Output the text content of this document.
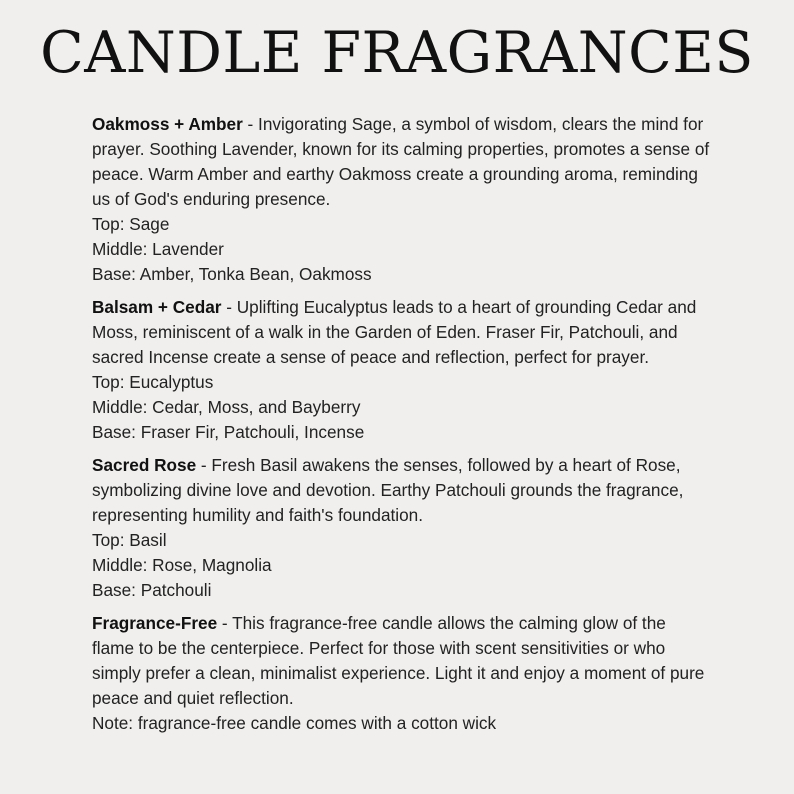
CANDLE FRAGRANCES

Oakmoss + Amber - Invigorating Sage, a symbol of wisdom, clears the mind for prayer. Soothing Lavender, known for its calming properties, promotes a sense of peace. Warm Amber and earthy Oakmoss create a grounding aroma, reminding us of God's enduring presence.

Top: Sage

Middle: Lavender

Base: Amber, Tonka Bean, Oakmoss

Balsam + Cedar - Uplifting Eucalyptus leads to a heart of grounding Cedar and Moss, reminiscent of a walk in the Garden of Eden. Fraser Fir, Patchouli, and sacred Incense create a sense of peace and reflection, perfect for prayer.

Top: Eucalyptus

Middle: Cedar, Moss, and Bayberry

Base: Fraser Fir, Patchouli, Incense

Sacred Rose - Fresh Basil awakens the senses, followed by a heart of Rose, symbolizing divine love and devotion. Earthy Patchouli grounds the fragrance, representing humility and faith's foundation.

Top: Basil

Middle: Rose, Magnolia

Base: Patchouli

Fragrance-Free - This fragrance-free candle allows the calming glow of the flame to be the centerpiece. Perfect for those with scent sensitivities or who simply prefer a clean, minimalist experience. Light it and enjoy a moment of pure peace and quiet reflection.

Note: fragrance-free candle comes with a cotton wick
